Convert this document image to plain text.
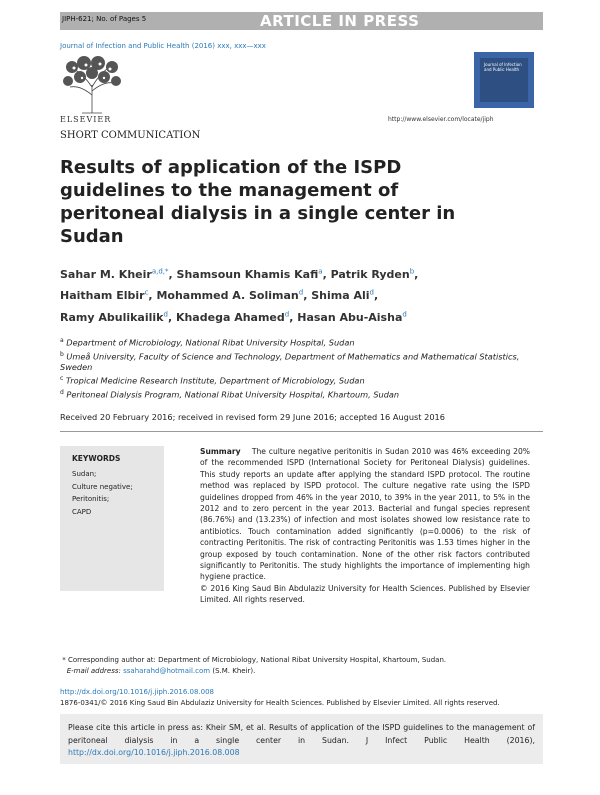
JIPH-621; No. of Pages 5	ARTICLE IN PRESS
Journal of Infection and Public Health (2016) xxx, xxx—xxx
ELSEVIER
Journal of Infection and Public Health
http://www.elsevier.com/locate/jiph
SHORT COMMUNICATION
Results of application of the ISPD guidelines to the management of peritoneal dialysis in a single center in Sudan
Sahar M. Kheir$^{a,d,*}$, Shamsoun Khamis Kafi$^a$, Patrik Ryden$^b$,
Haitham Elbir$^c$, Mohammed A. Soliman$^d$, Shima Ali$^d$,
Ramy Abulikailik$^d$, Khadega Ahamed$^d$, Hasan Abu-Aisha$^d$
$^a$ Department of Microbiology, National Ribat University Hospital, Sudan
$^b$ Umeå University, Faculty of Science and Technology, Department of Mathematics and Mathematical Statistics, Sweden
$^c$ Tropical Medicine Research Institute, Department of Microbiology, Sudan
$^d$ Peritoneal Dialysis Program, National Ribat University Hospital, Khartoum, Sudan
Received 20 February 2016; received in revised form 29 June 2016; accepted 16 August 2016
KEYWORDS
Sudan;
Culture negative;
Peritonitis;
CAPD
Summary The culture negative peritonitis in Sudan 2010 was 46% exceeding 20% of the recommended ISPD (International Society for Peritoneal Dialysis) guidelines. This study reports an update after applying the standard ISPD protocol. The routine method was replaced by ISPD protocol. The culture negative rate using the ISPD guidelines dropped from 46% in the year 2010, to 39% in the year 2011, to 5% in the 2012 and to zero percent in the year 2013. Bacterial and fungal species represent (86.76%) and (13.23%) of infection and most isolates showed low resistance rate to antibiotics. Touch contamination added significantly (p=0.0006) to the risk of contracting Peritonitis. The risk of contracting Peritonitis was 1.53 times higher in the group exposed by touch contamination. None of the other risk factors contributed significantly to Peritonitis. The study highlights the importance of implementing high hygiene practice.
© 2016 King Saud Bin Abdulaziz University for Health Sciences. Published by Elsevier Limited. All rights reserved.
* Corresponding author at: Department of Microbiology, National Ribat University Hospital, Khartoum, Sudan.
E-mail address: ssaharahd@hotmail.com (S.M. Kheir).
http://dx.doi.org/10.1016/j.jiph.2016.08.008
1876-0341/© 2016 King Saud Bin Abdulaziz University for Health Sciences. Published by Elsevier Limited. All rights reserved.
Please cite this article in press as: Kheir SM, et al. Results of application of the ISPD guidelines to the management of peritoneal dialysis in a single center in Sudan. J Infect Public Health (2016), http://dx.doi.org/10.1016/j.jiph.2016.08.008
